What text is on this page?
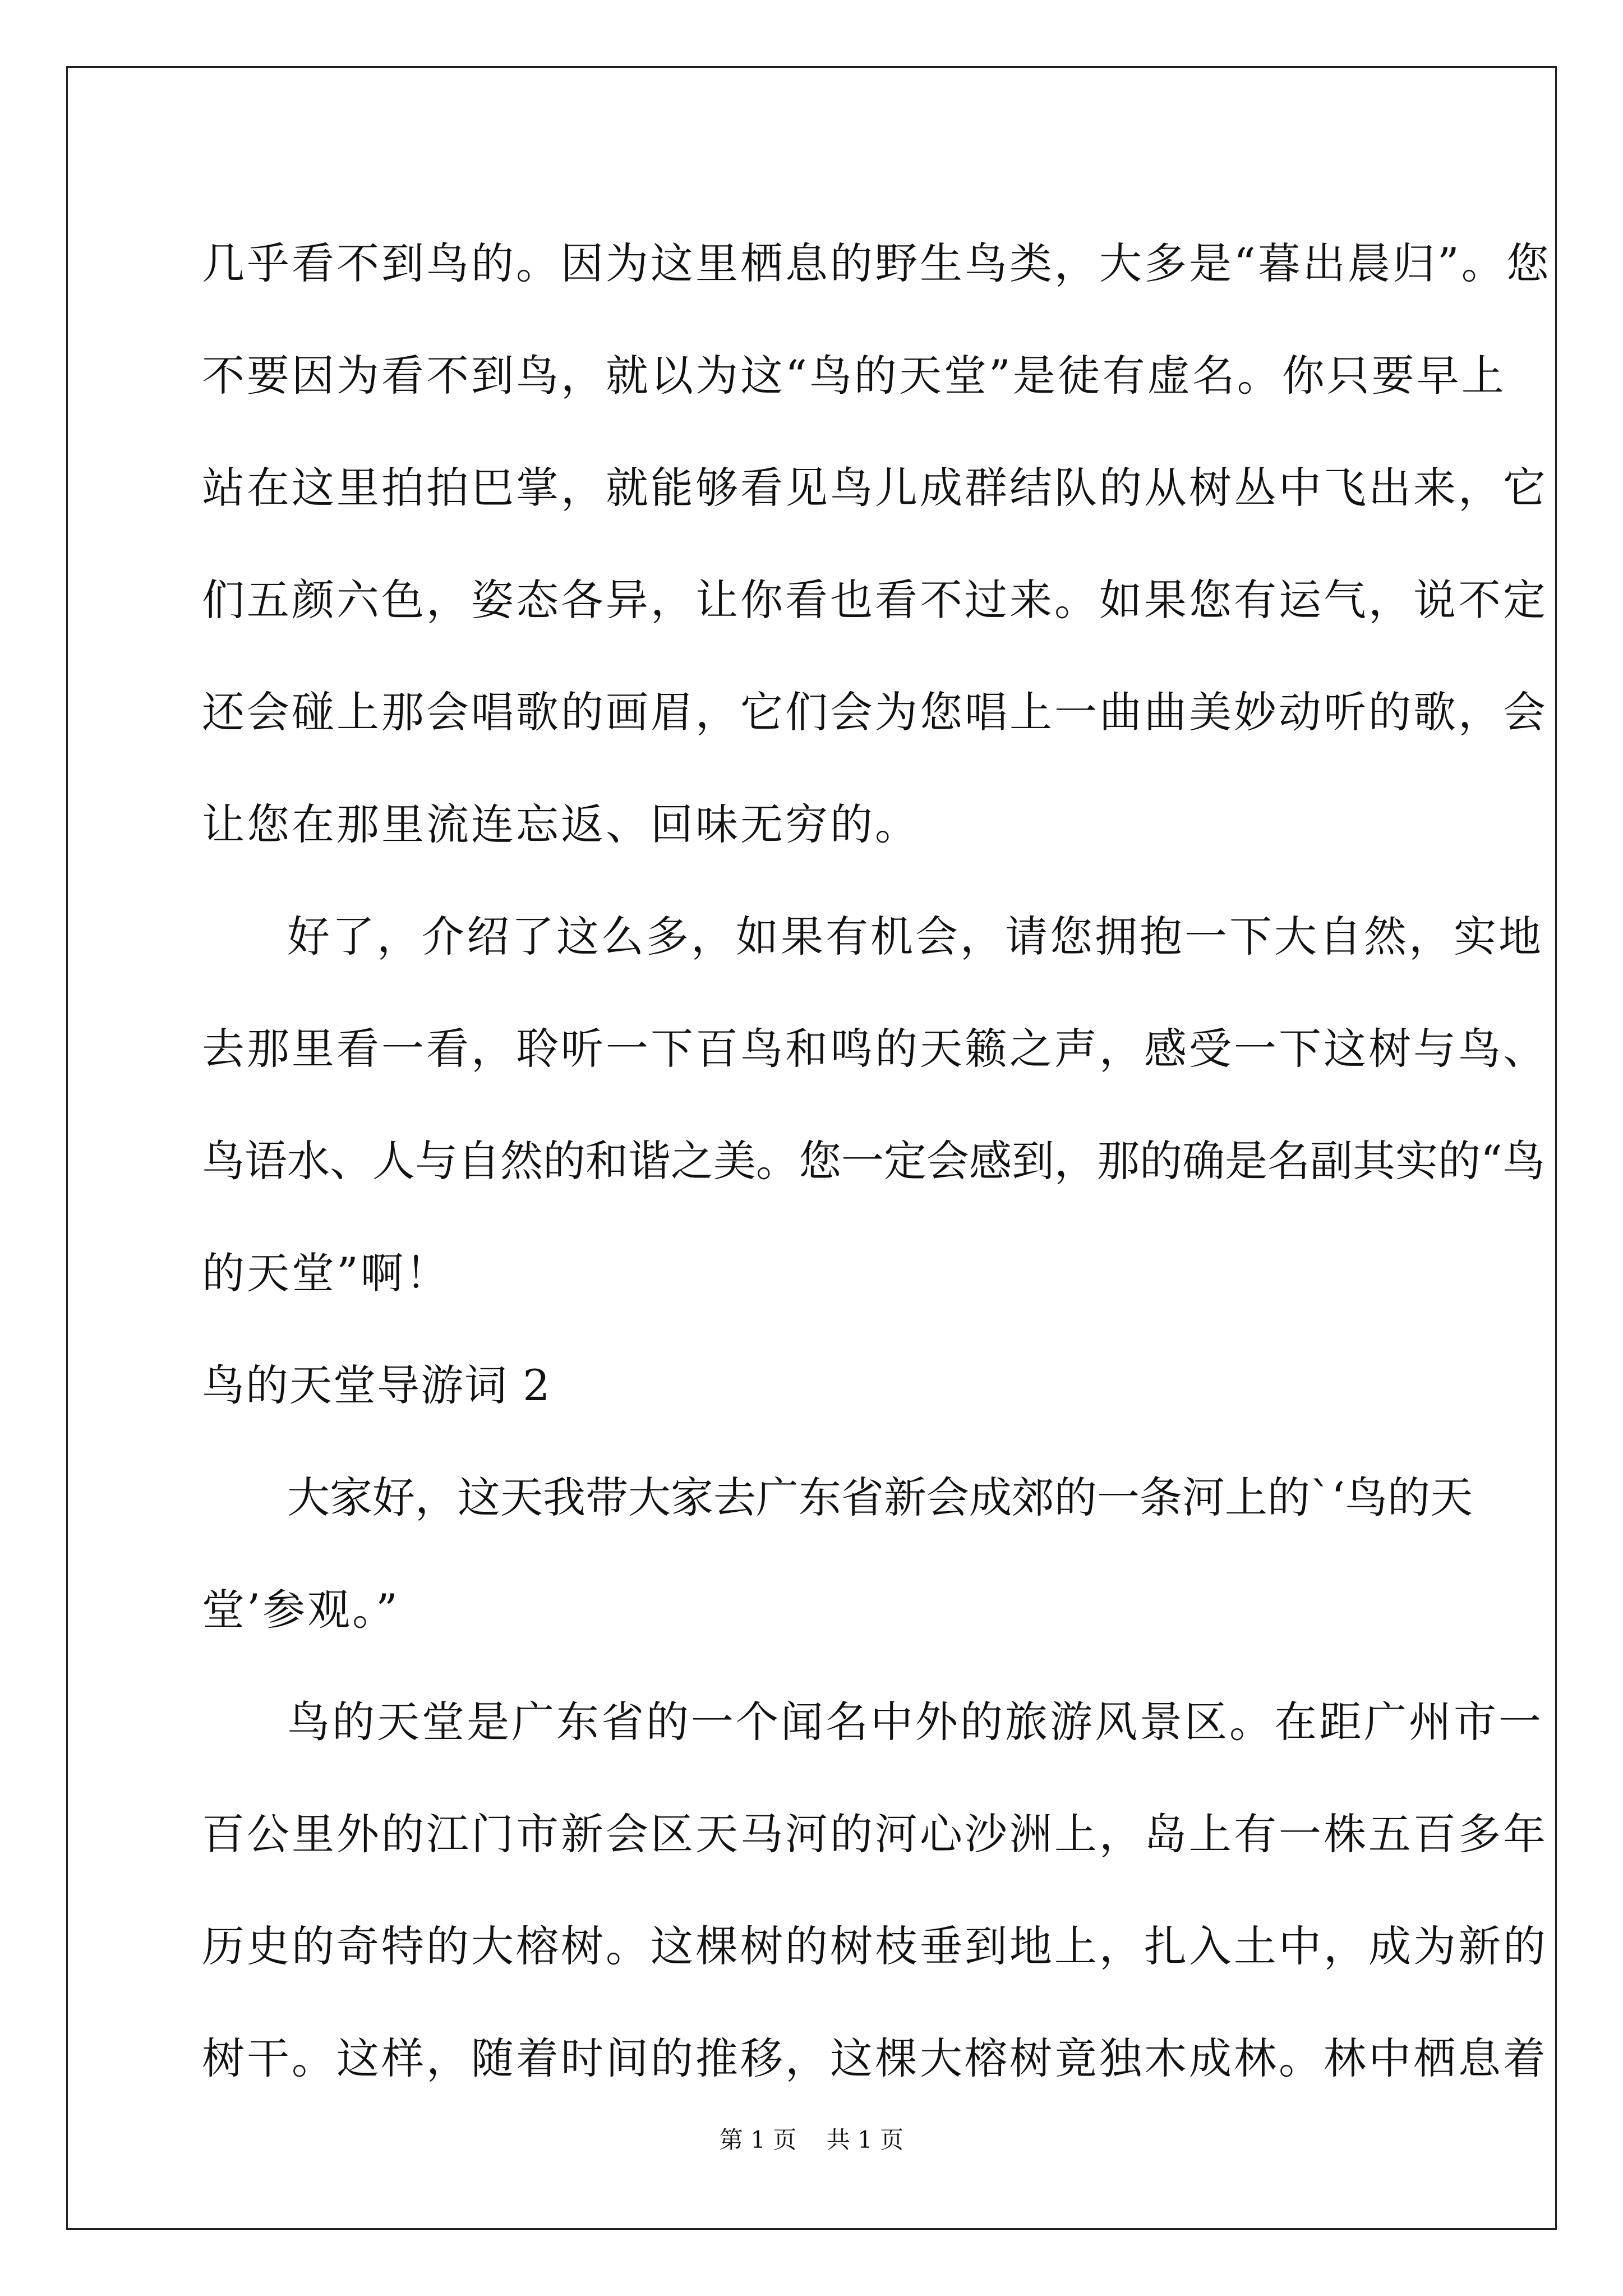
几乎看不到鸟的。因为这里栖息的野生鸟类，大多是“暮出晨归”。您
不要因为看不到鸟，就以为这“鸟的天堂”是徒有虚名。你只要早上
站在这里拍拍巴掌，就能够看见鸟儿成群结队的从树丛中飞出来，它
们五颜六色，姿态各异，让你看也看不过来。如果您有运气，说不定
还会碰上那会唱歌的画眉，它们会为您唱上一曲曲美妙动听的歌，会
让您在那里流连忘返、回味无穷的。
好了，介绍了这么多，如果有机会，请您拥抱一下大自然，实地
去那里看一看，聆听一下百鸟和鸣的天籁之声，感受一下这树与鸟、
鸟语水、人与自然的和谐之美。您一定会感到，那的确是名副其实的“鸟
的天堂”啊！
鸟的天堂导游词 2
大家好，这天我带大家去广东省新会成郊的一条河上的`‘鸟的天
堂’参观。”
鸟的天堂是广东省的一个闻名中外的旅游风景区。在距广州市一
百公里外的江门市新会区天马河的河心沙洲上，岛上有一株五百多年
历史的奇特的大榕树。这棵树的树枝垂到地上，扎入土中，成为新的
树干。这样，随着时间的推移，这棵大榕树竟独木成林。林中栖息着
第 1 页    共 1 页
